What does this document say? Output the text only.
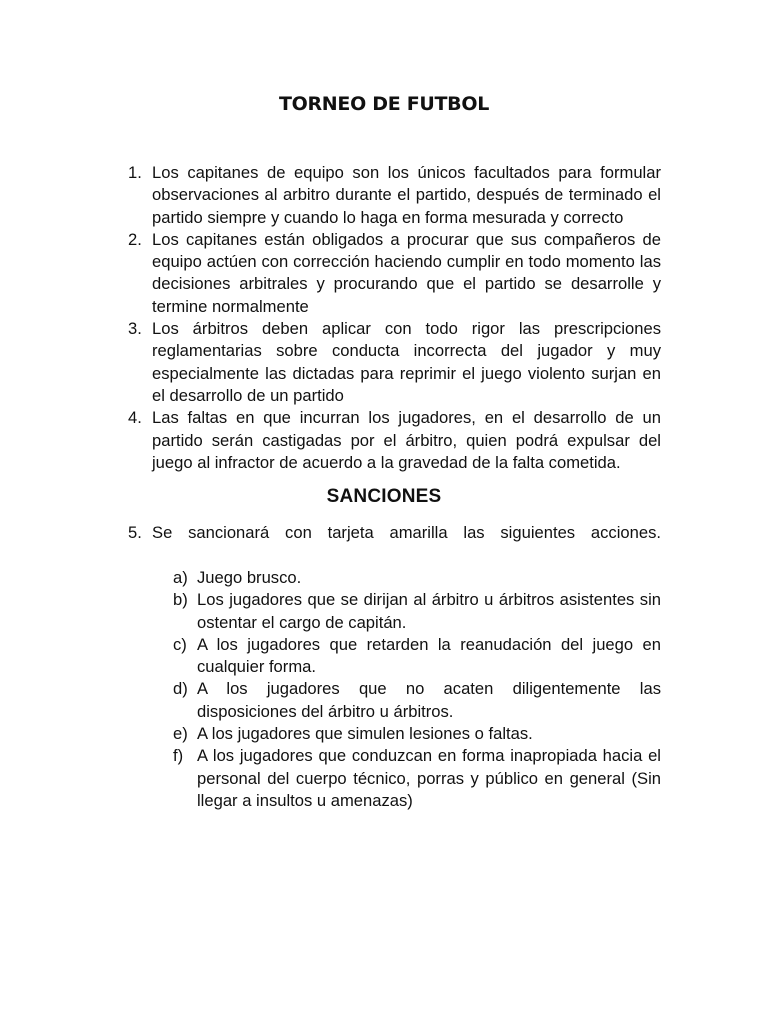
TORNEO DE FUTBOL
1. Los capitanes de equipo son los únicos facultados para formular observaciones al arbitro durante el partido, después de terminado el partido siempre y cuando lo haga en forma mesurada y correcto
2. Los capitanes están obligados a procurar que sus compañeros de equipo actúen con corrección haciendo cumplir en todo momento las decisiones arbitrales y procurando que el partido se desarrolle y termine normalmente
3. Los árbitros deben aplicar con todo rigor las prescripciones reglamentarias sobre conducta incorrecta del jugador y muy especialmente las dictadas para reprimir el juego violento surjan en el desarrollo de un partido
4. Las faltas en que incurran los jugadores, en el desarrollo de un partido serán castigadas por el árbitro, quien podrá expulsar del juego al infractor de acuerdo a la gravedad de la falta cometida.
SANCIONES
5. Se sancionará con tarjeta amarilla las siguientes acciones.
a) Juego brusco.
b) Los jugadores que se dirijan al árbitro u árbitros asistentes sin ostentar el cargo de capitán.
c) A los jugadores que retarden la reanudación del juego en cualquier forma.
d) A los jugadores que no acaten diligentemente las disposiciones del árbitro u árbitros.
e) A los jugadores que simulen lesiones o faltas.
f) A los jugadores que conduzcan en forma inapropiada hacia el personal del cuerpo técnico, porras y público en general (Sin llegar a insultos u amenazas)
